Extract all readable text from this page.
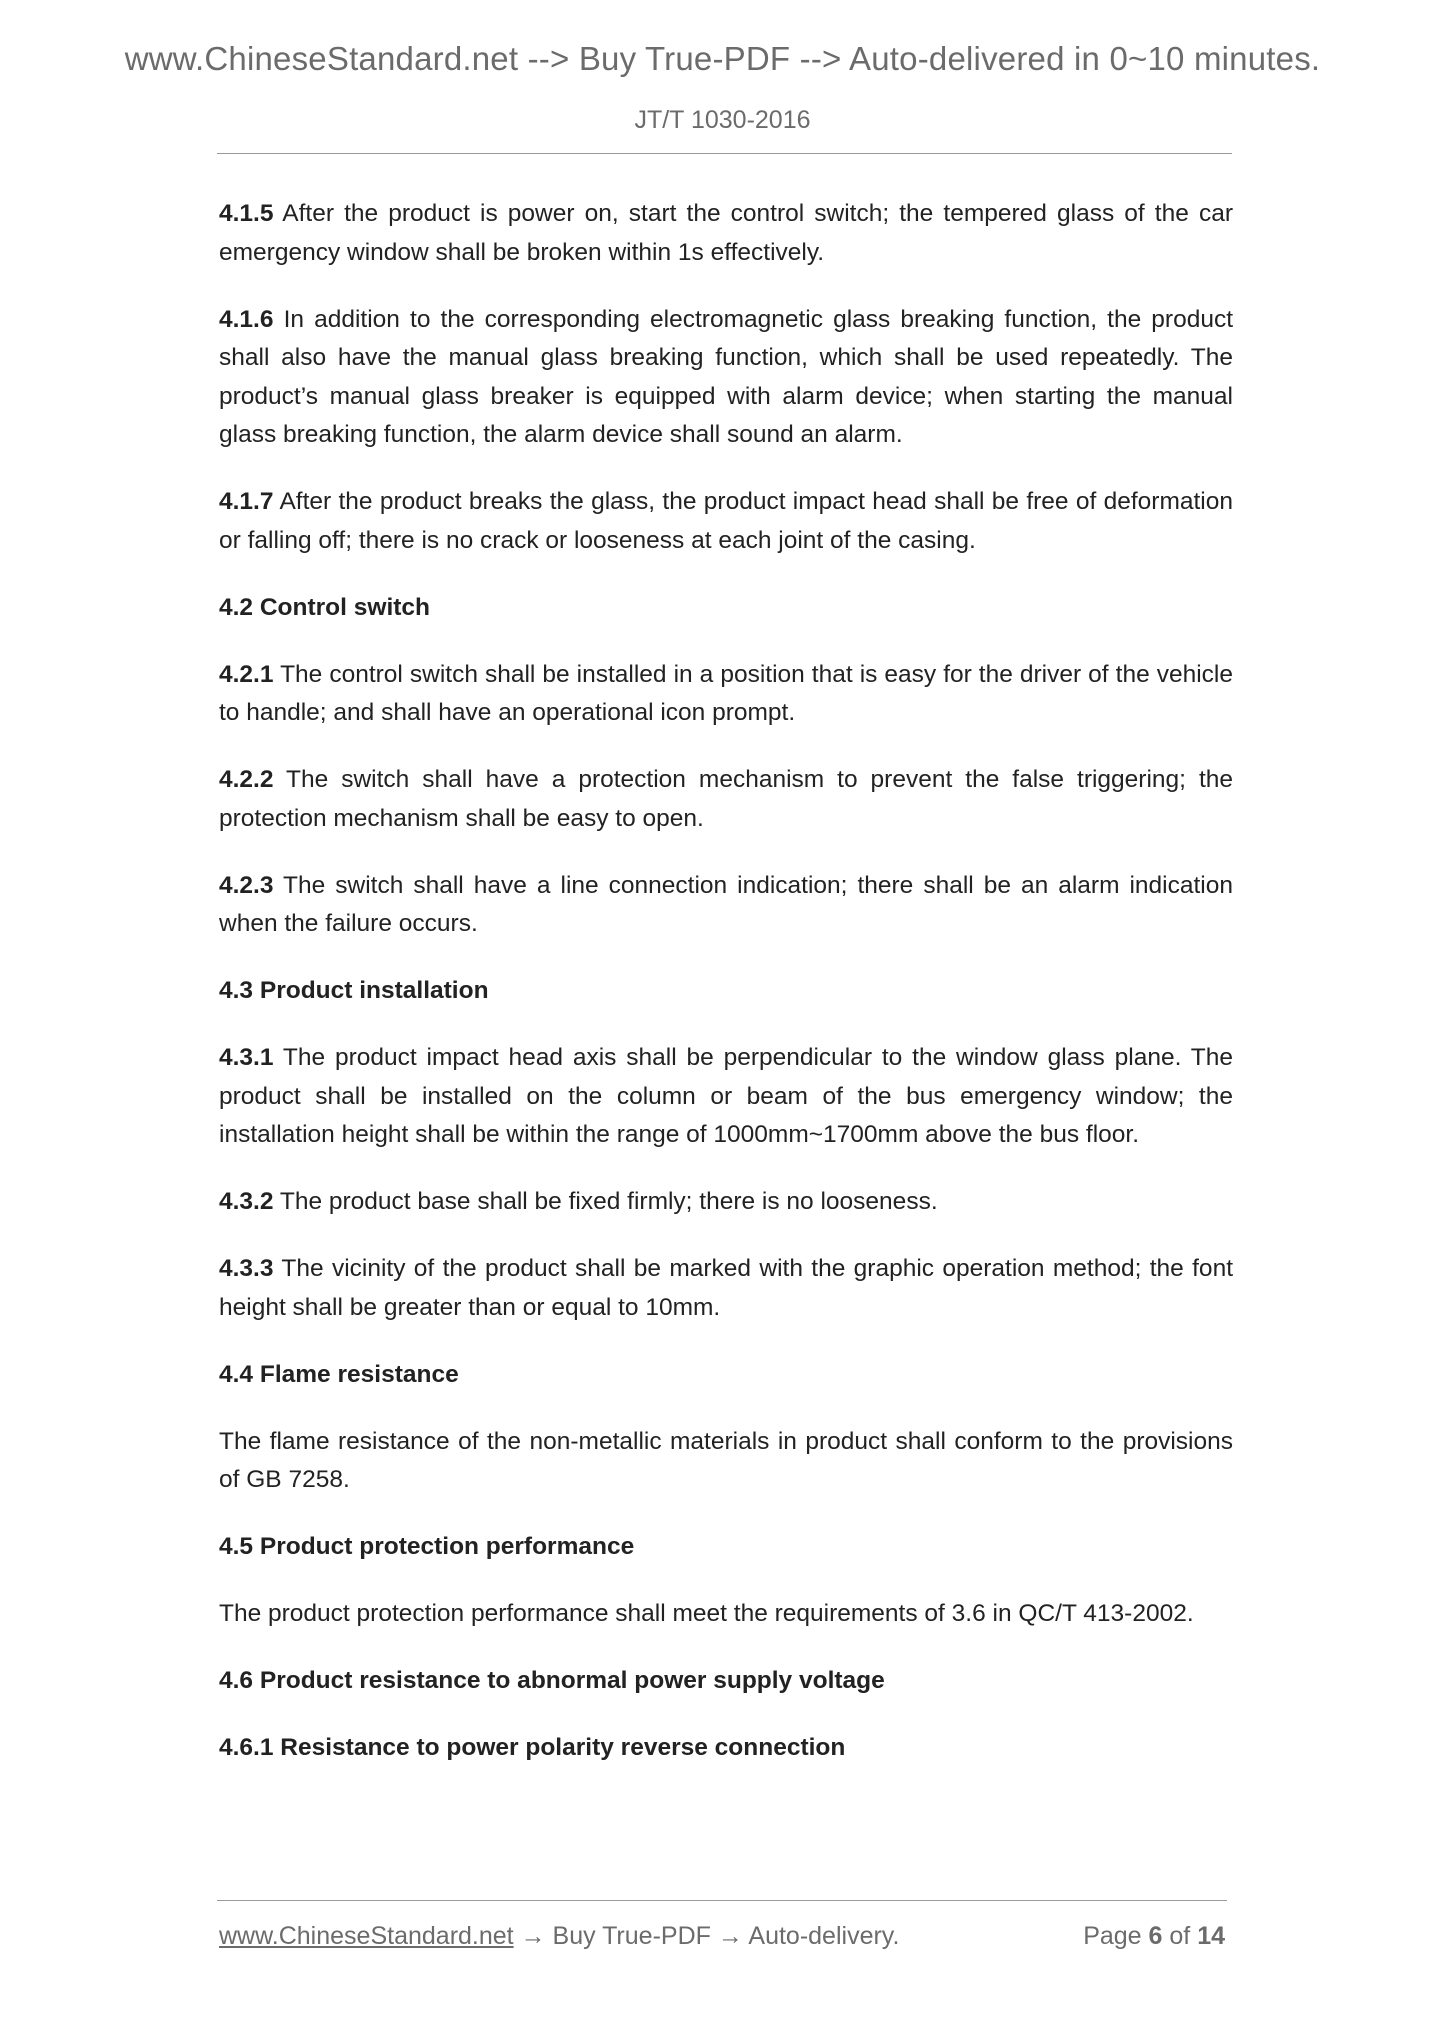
www.ChineseStandard.net --> Buy True-PDF --> Auto-delivered in 0~10 minutes.
JT/T 1030-2016

4.1.5 After the product is power on, start the control switch; the tempered glass of the car emergency window shall be broken within 1s effectively.

4.1.6 In addition to the corresponding electromagnetic glass breaking function, the product shall also have the manual glass breaking function, which shall be used repeatedly. The product’s manual glass breaker is equipped with alarm device; when starting the manual glass breaking function, the alarm device shall sound an alarm.

4.1.7 After the product breaks the glass, the product impact head shall be free of deformation or falling off; there is no crack or looseness at each joint of the casing.

4.2 Control switch

4.2.1 The control switch shall be installed in a position that is easy for the driver of the vehicle to handle; and shall have an operational icon prompt.

4.2.2 The switch shall have a protection mechanism to prevent the false triggering; the protection mechanism shall be easy to open.

4.2.3 The switch shall have a line connection indication; there shall be an alarm indication when the failure occurs.

4.3 Product installation

4.3.1 The product impact head axis shall be perpendicular to the window glass plane. The product shall be installed on the column or beam of the bus emergency window; the installation height shall be within the range of 1000mm~1700mm above the bus floor.

4.3.2 The product base shall be fixed firmly; there is no looseness.

4.3.3 The vicinity of the product shall be marked with the graphic operation method; the font height shall be greater than or equal to 10mm.

4.4 Flame resistance

The flame resistance of the non-metallic materials in product shall conform to the provisions of GB 7258.

4.5 Product protection performance

The product protection performance shall meet the requirements of 3.6 in QC/T 413-2002.

4.6 Product resistance to abnormal power supply voltage
4.6.1 Resistance to power polarity reverse connection
www.ChineseStandard.net → Buy True-PDF → Auto-delivery.	Page 6 of 14
